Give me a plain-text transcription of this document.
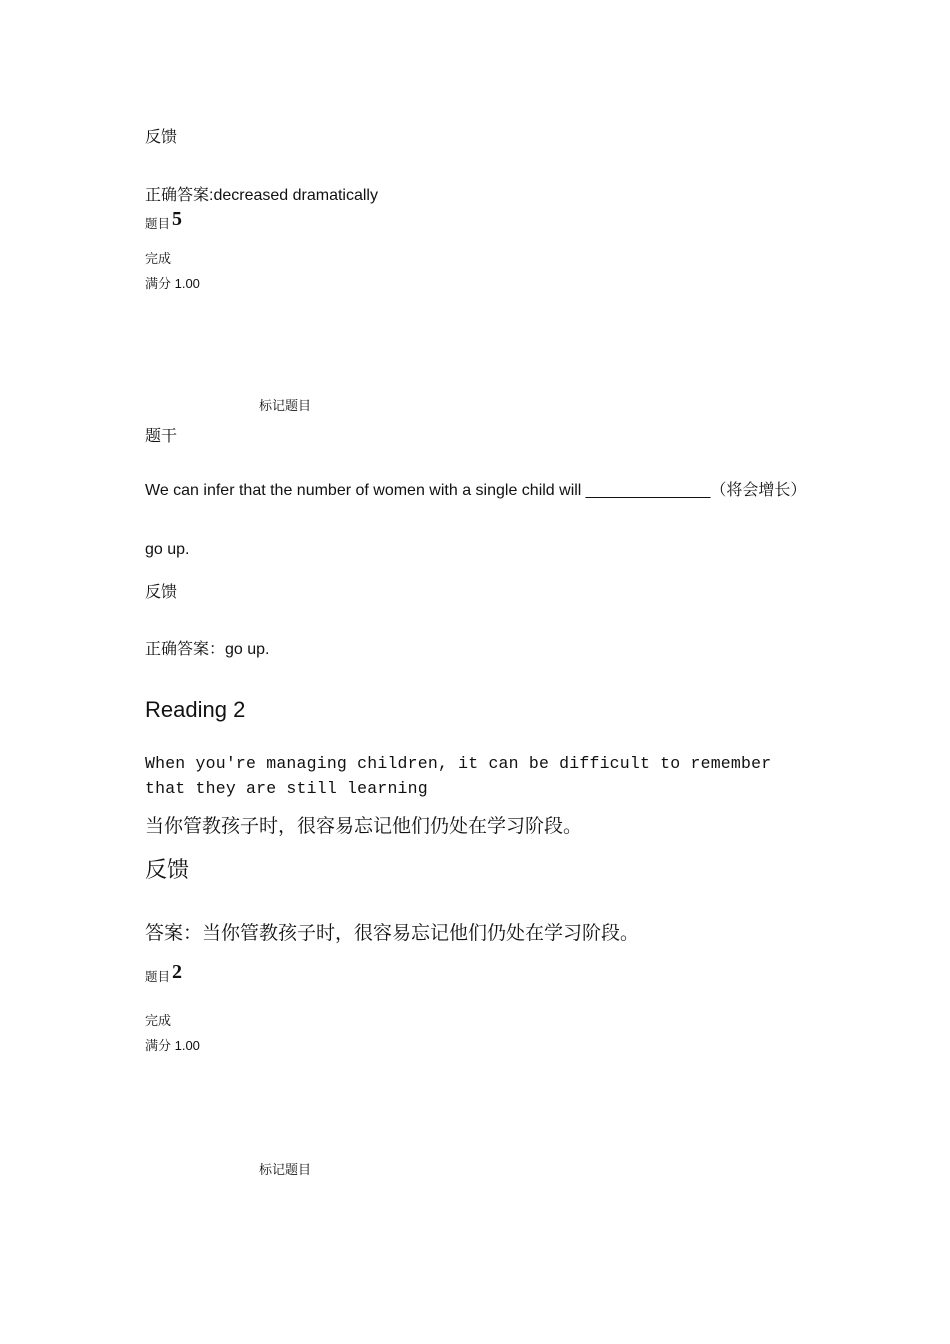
反馈
正确答案:decreased dramatically
题目 5
完成
满分 1.00
标记题目
题干
We can infer that the number of women with a single child will ______________（将会增长）
go up.
反馈
正确答案：go up.
Reading 2
When you're managing children, it can be difficult to remember that they are still learning
当你管教孩子时，很容易忘记他们仍处在学习阶段。
反馈
答案：当你管教孩子时，很容易忘记他们仍处在学习阶段。
题目 2
完成
满分 1.00
标记题目
